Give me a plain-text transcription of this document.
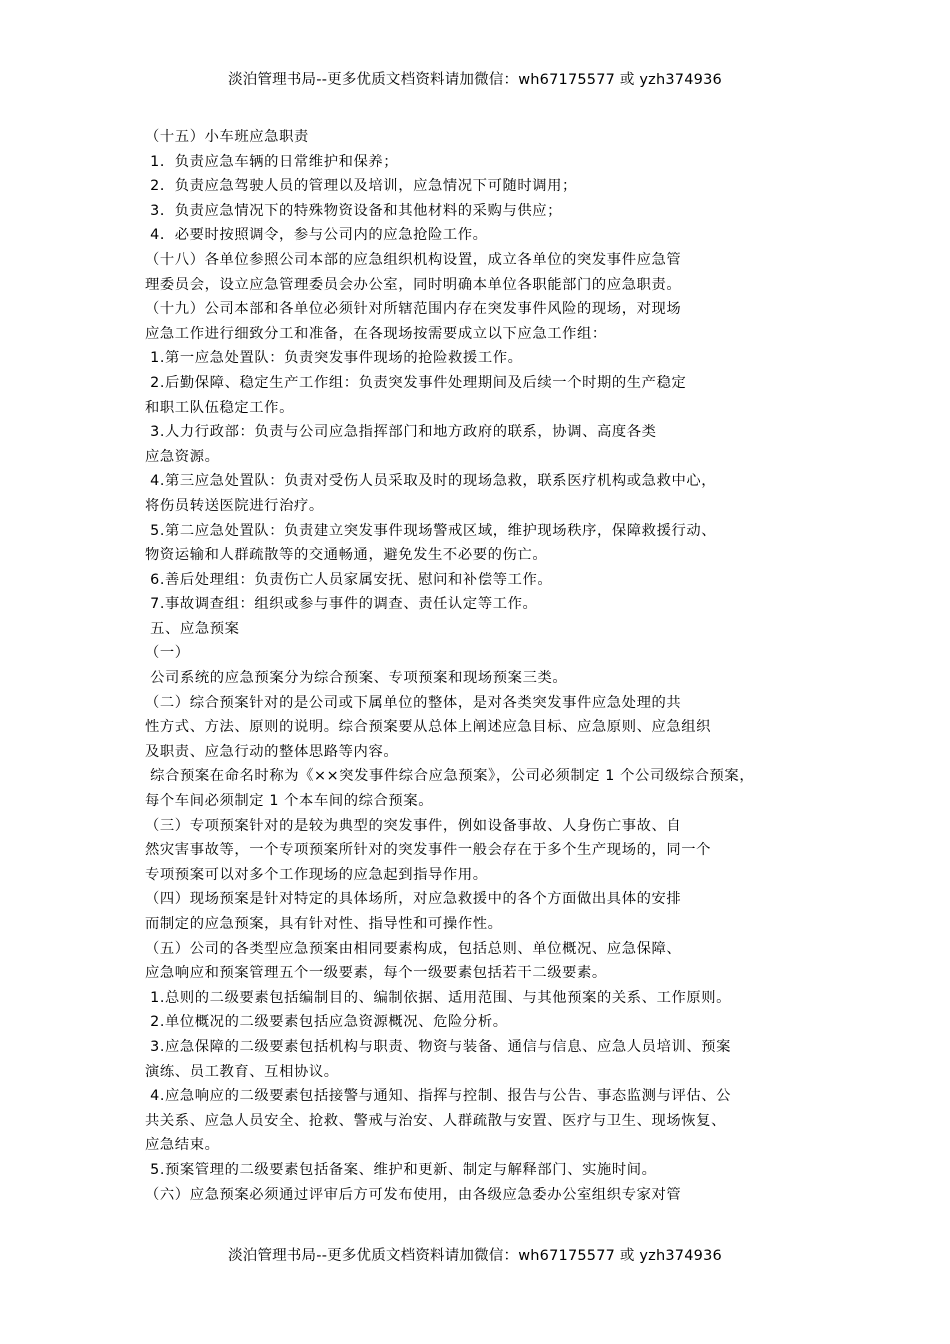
淡泊管理书局--更多优质文档资料请加微信：wh67175577 或 yzh374936
（十五）小车班应急职责
1．负责应急车辆的日常维护和保养；
2．负责应急驾驶人员的管理以及培训，应急情况下可随时调用；
3．负责应急情况下的特殊物资设备和其他材料的采购与供应；
4．必要时按照调令，参与公司内的应急抢险工作。
（十八）各单位参照公司本部的应急组织机构设置，成立各单位的突发事件应急管
理委员会，设立应急管理委员会办公室，同时明确本单位各职能部门的应急职责。
（十九）公司本部和各单位必须针对所辖范围内存在突发事件风险的现场，对现场
应急工作进行细致分工和准备，在各现场按需要成立以下应急工作组：
1.第一应急处置队：负责突发事件现场的抢险救援工作。
2.后勤保障、稳定生产工作组：负责突发事件处理期间及后续一个时期的生产稳定
和职工队伍稳定工作。
3.人力行政部：负责与公司应急指挥部门和地方政府的联系，协调、高度各类
应急资源。
4.第三应急处置队：负责对受伤人员采取及时的现场急救，联系医疗机构或急救中心，
将伤员转送医院进行治疗。
5.第二应急处置队：负责建立突发事件现场警戒区域，维护现场秩序，保障救援行动、
物资运输和人群疏散等的交通畅通，避免发生不必要的伤亡。
6.善后处理组：负责伤亡人员家属安抚、慰问和补偿等工作。
7.事故调查组：组织或参与事件的调查、责任认定等工作。
五、应急预案
（一）
公司系统的应急预案分为综合预案、专项预案和现场预案三类。
（二）综合预案针对的是公司或下属单位的整体，是对各类突发事件应急处理的共
性方式、方法、原则的说明。综合预案要从总体上阐述应急目标、应急原则、应急组织
及职责、应急行动的整体思路等内容。
综合预案在命名时称为《××突发事件综合应急预案》，公司必须制定 1 个公司级综合预案，
每个车间必须制定 1 个本车间的综合预案。
（三）专项预案针对的是较为典型的突发事件，例如设备事故、人身伤亡事故、自
然灾害事故等，一个专项预案所针对的突发事件一般会存在于多个生产现场的，同一个
专项预案可以对多个工作现场的应急起到指导作用。
（四）现场预案是针对特定的具体场所，对应急救援中的各个方面做出具体的安排
而制定的应急预案，具有针对性、指导性和可操作性。
（五）公司的各类型应急预案由相同要素构成，包括总则、单位概况、应急保障、
应急响应和预案管理五个一级要素，每个一级要素包括若干二级要素。
1.总则的二级要素包括编制目的、编制依据、适用范围、与其他预案的关系、工作原则。
2.单位概况的二级要素包括应急资源概况、危险分析。
3.应急保障的二级要素包括机构与职责、物资与装备、通信与信息、应急人员培训、预案
演练、员工教育、互相协议。
4.应急响应的二级要素包括接警与通知、指挥与控制、报告与公告、事态监测与评估、公
共关系、应急人员安全、抢救、警戒与治安、人群疏散与安置、医疗与卫生、现场恢复、
应急结束。
5.预案管理的二级要素包括备案、维护和更新、制定与解释部门、实施时间。
（六）应急预案必须通过评审后方可发布使用，由各级应急委办公室组织专家对管
淡泊管理书局--更多优质文档资料请加微信：wh67175577 或 yzh374936
